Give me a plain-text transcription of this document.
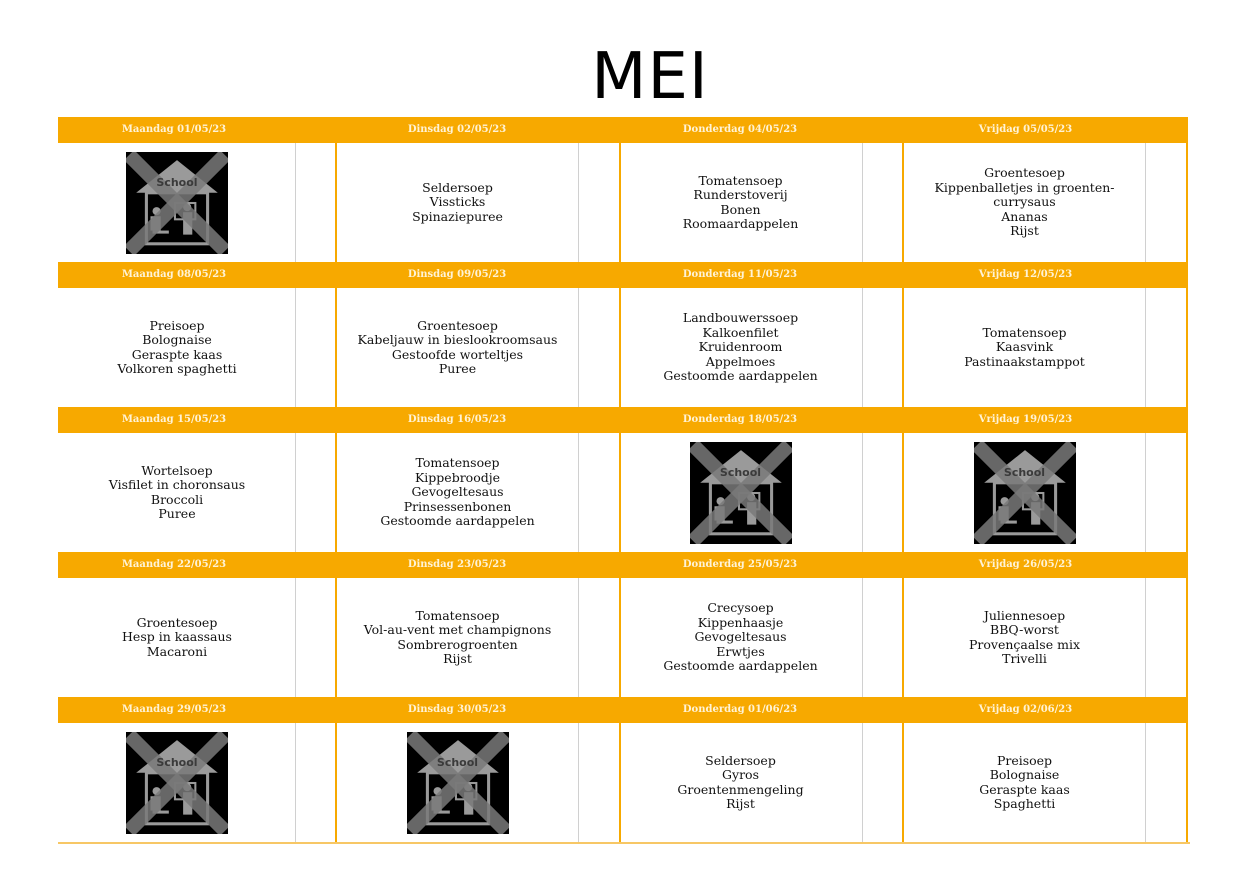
MEI
Maandag 01/05/23
School
Dinsdag 02/05/23
Seldersoep
Vissticks
Spinaziepuree
Donderdag 04/05/23
Tomatensoep
Runderstoverij
Bonen
Roomaardappelen
Vrijdag 05/05/23
Groentesoep
Kippenballetjes in groenten-
currysaus
Ananas
Rijst
Maandag 08/05/23
Preisoep
Bolognaise
Geraspte kaas
Volkoren spaghetti
Dinsdag 09/05/23
Groentesoep
Kabeljauw in bieslookroomsaus
Gestoofde worteltjes
Puree
Donderdag 11/05/23
Landbouwerssoep
Kalkoenfilet
Kruidenroom
Appelmoes
Gestoomde aardappelen
Vrijdag 12/05/23
Tomatensoep
Kaasvink
Pastinaakstamppot
Maandag 15/05/23
Wortelsoep
Visfilet in choronsaus
Broccoli
Puree
Dinsdag 16/05/23
Tomatensoep
Kippebroodje
Gevogeltesaus
Prinsessenbonen
Gestoomde aardappelen
Donderdag 18/05/23
School
Vrijdag 19/05/23
School
Maandag 22/05/23
Groentesoep
Hesp in kaassaus
Macaroni
Dinsdag 23/05/23
Tomatensoep
Vol-au-vent met champignons
Sombrerogroenten
Rijst
Donderdag 25/05/23
Crecysoep
Kippenhaasje
Gevogeltesaus
Erwtjes
Gestoomde aardappelen
Vrijdag 26/05/23
Juliennesoep
BBQ-worst
Provençaalse mix
Trivelli
Maandag 29/05/23
School
Dinsdag 30/05/23
School
Donderdag 01/06/23
Seldersoep
Gyros
Groentenmengeling
Rijst
Vrijdag 02/06/23
Preisoep
Bolognaise
Geraspte kaas
Spaghetti
